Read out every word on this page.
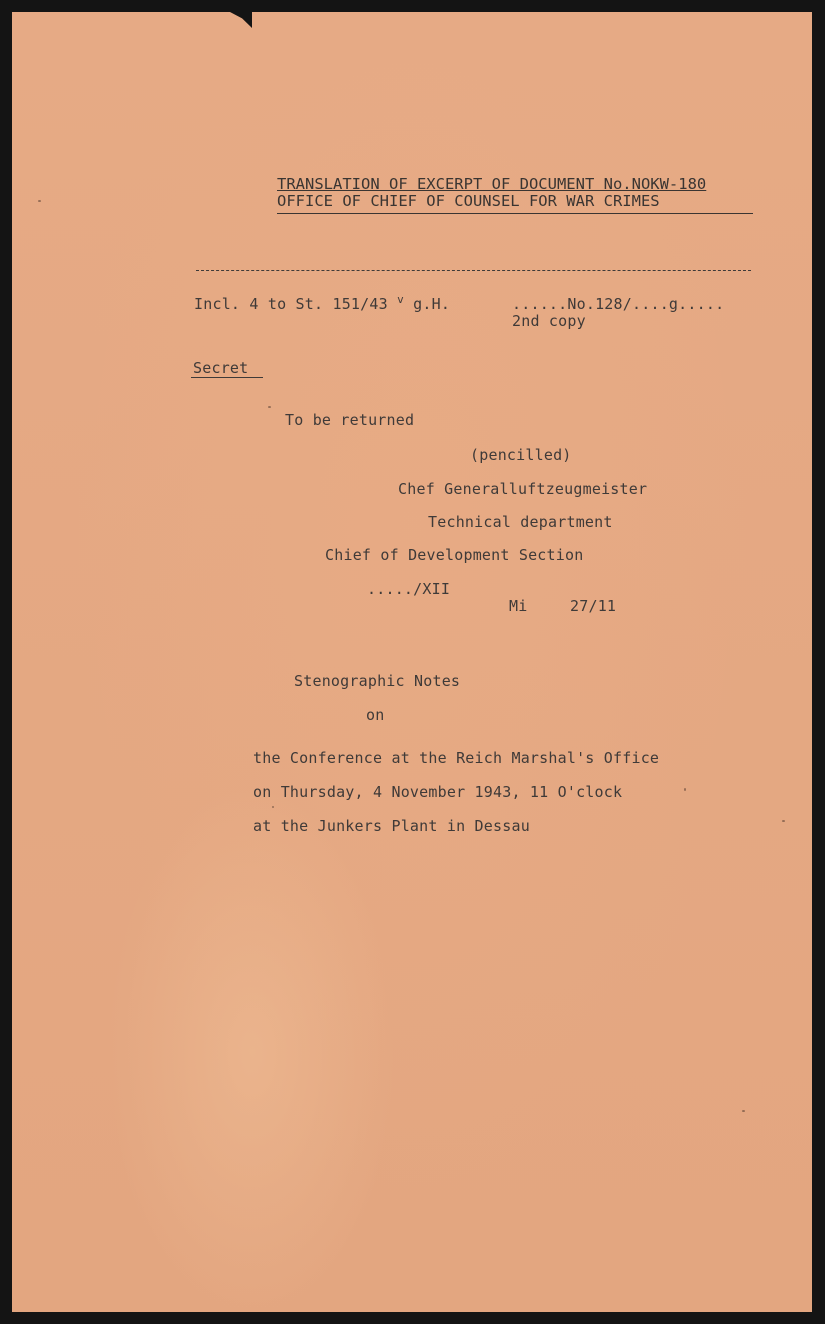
TRANSLATION OF EXCERPT OF DOCUMENT No.NOKW-180
OFFICE OF CHIEF OF COUNSEL FOR WAR CRIMES
Incl. 4 to St. 151/43 $^v$ g.H.	......No.128/....g.....
2nd copy
Secret
To be returned
(pencilled)
Chef Generalluftzeugmeister
Technical department
Chief of Development Section
...../XII
Mi	27/11
Stenographic Notes
on
the Conference at the Reich Marshal's Office
on Thursday, 4 November 1943, 11 O'clock
at the Junkers Plant in Dessau
